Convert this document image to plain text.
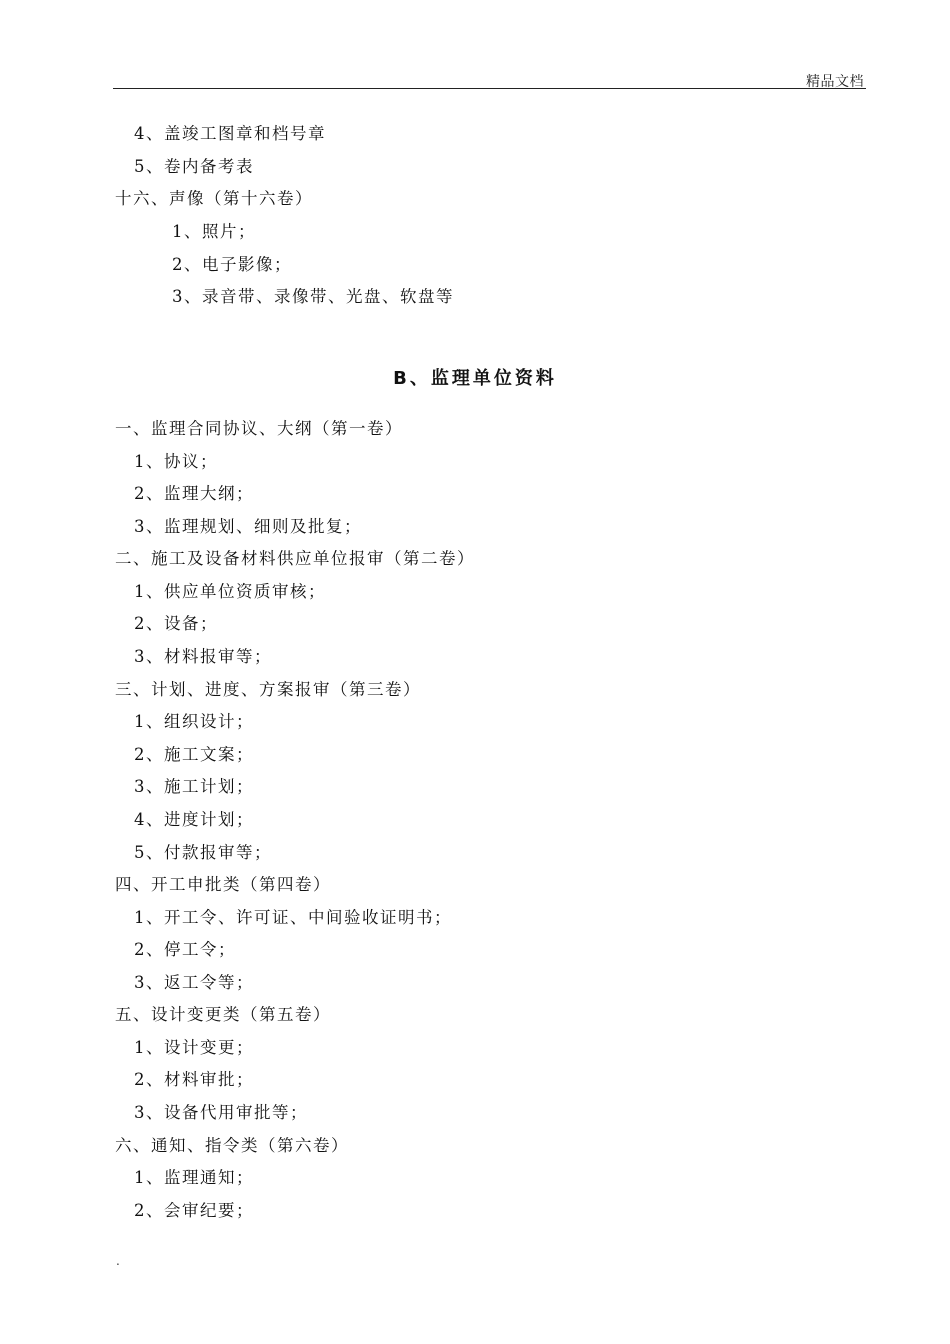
精品文档
4、盖竣工图章和档号章
5、卷内备考表
十六、声像（第十六卷）
1、照片；
2、电子影像；
3、录音带、录像带、光盘、软盘等
B、监理单位资料
一、监理合同协议、大纲（第一卷）
1、协议；
2、监理大纲；
3、监理规划、细则及批复；
二、施工及设备材料供应单位报审（第二卷）
1、供应单位资质审核；
2、设备；
3、材料报审等；
三、计划、进度、方案报审（第三卷）
1、组织设计；
2、施工文案；
3、施工计划；
4、进度计划；
5、付款报审等；
四、开工申批类（第四卷）
1、开工令、许可证、中间验收证明书；
2、停工令；
3、返工令等；
五、设计变更类（第五卷）
1、设计变更；
2、材料审批；
3、设备代用审批等；
六、通知、指令类（第六卷）
1、监理通知；
2、会审纪要；
.
